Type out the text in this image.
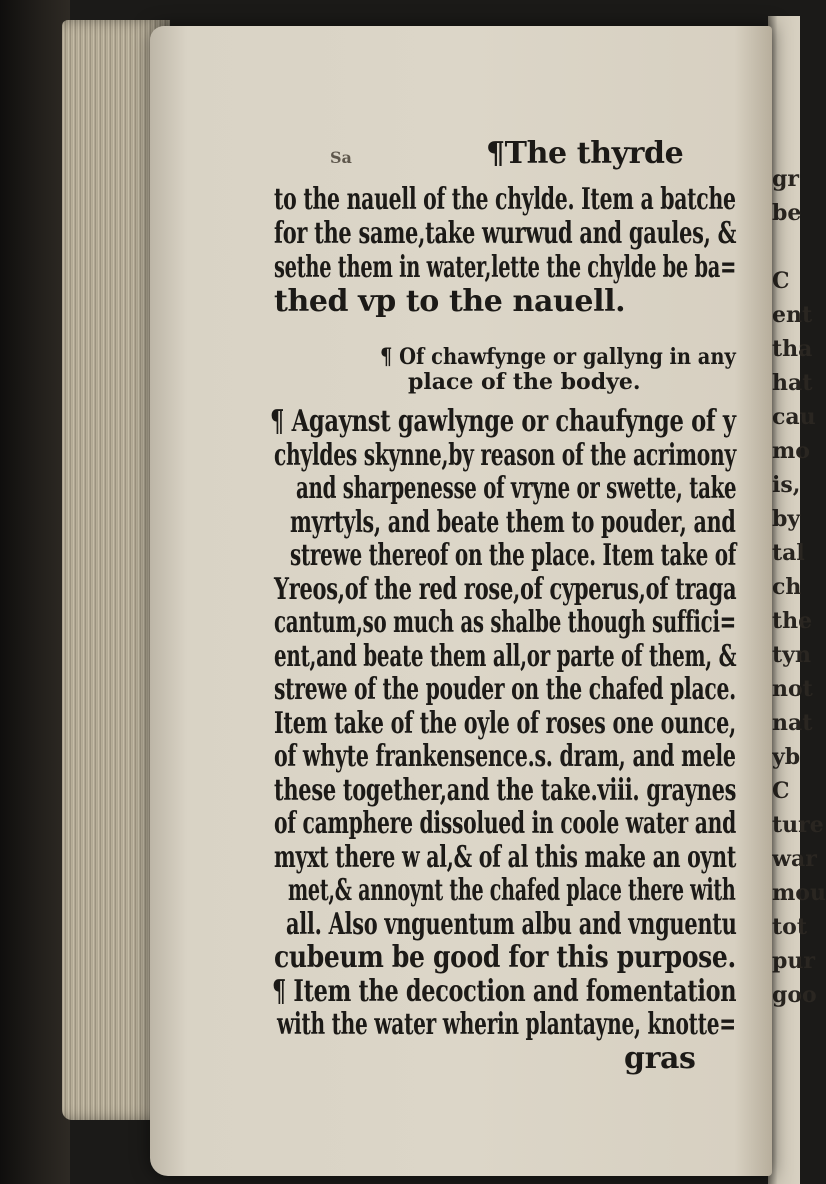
gr
be
C
ent
tha
hat
cau
mo
is,
by
tal
ch
the
tyn
not
nat
yb
C
ture
war
mou
tot
pur
goo
¶The thyrde
Sa
to the nauell of the chylde. Item a batche
for the same,take wurwud and gaules, &
sethe them in water,lette the chylde be ba=
thed vp to the nauell.
¶ Of chawfynge or gallyng in any
place of the bodye.
¶ Agaynst gawlynge or chaufynge of y
chyldes skynne,by reason of the acrimony
and sharpenesse of vryne or swette, take
myrtyls, and beate them to pouder, and
strewe thereof on the place. Item take of
Yreos,of the red rose,of cyperus,of traga
cantum,so much as shalbe though suffici=
ent,and beate them all,or parte of them, &
strewe of the pouder on the chafed place.
Item take of the oyle of roses one ounce,
of whyte frankensence.s. dram, and mele
these together,and the take.viii. graynes
of camphere dissolued in coole water and
myxt there w al,& of al this make an oynt
met,& annoynt the chafed place there with
all. Also vnguentum albu and vnguentu
cubeum be good for this purpose.
¶ Item the decoction and fomentation
with the water wherin plantayne, knotte=
gras
